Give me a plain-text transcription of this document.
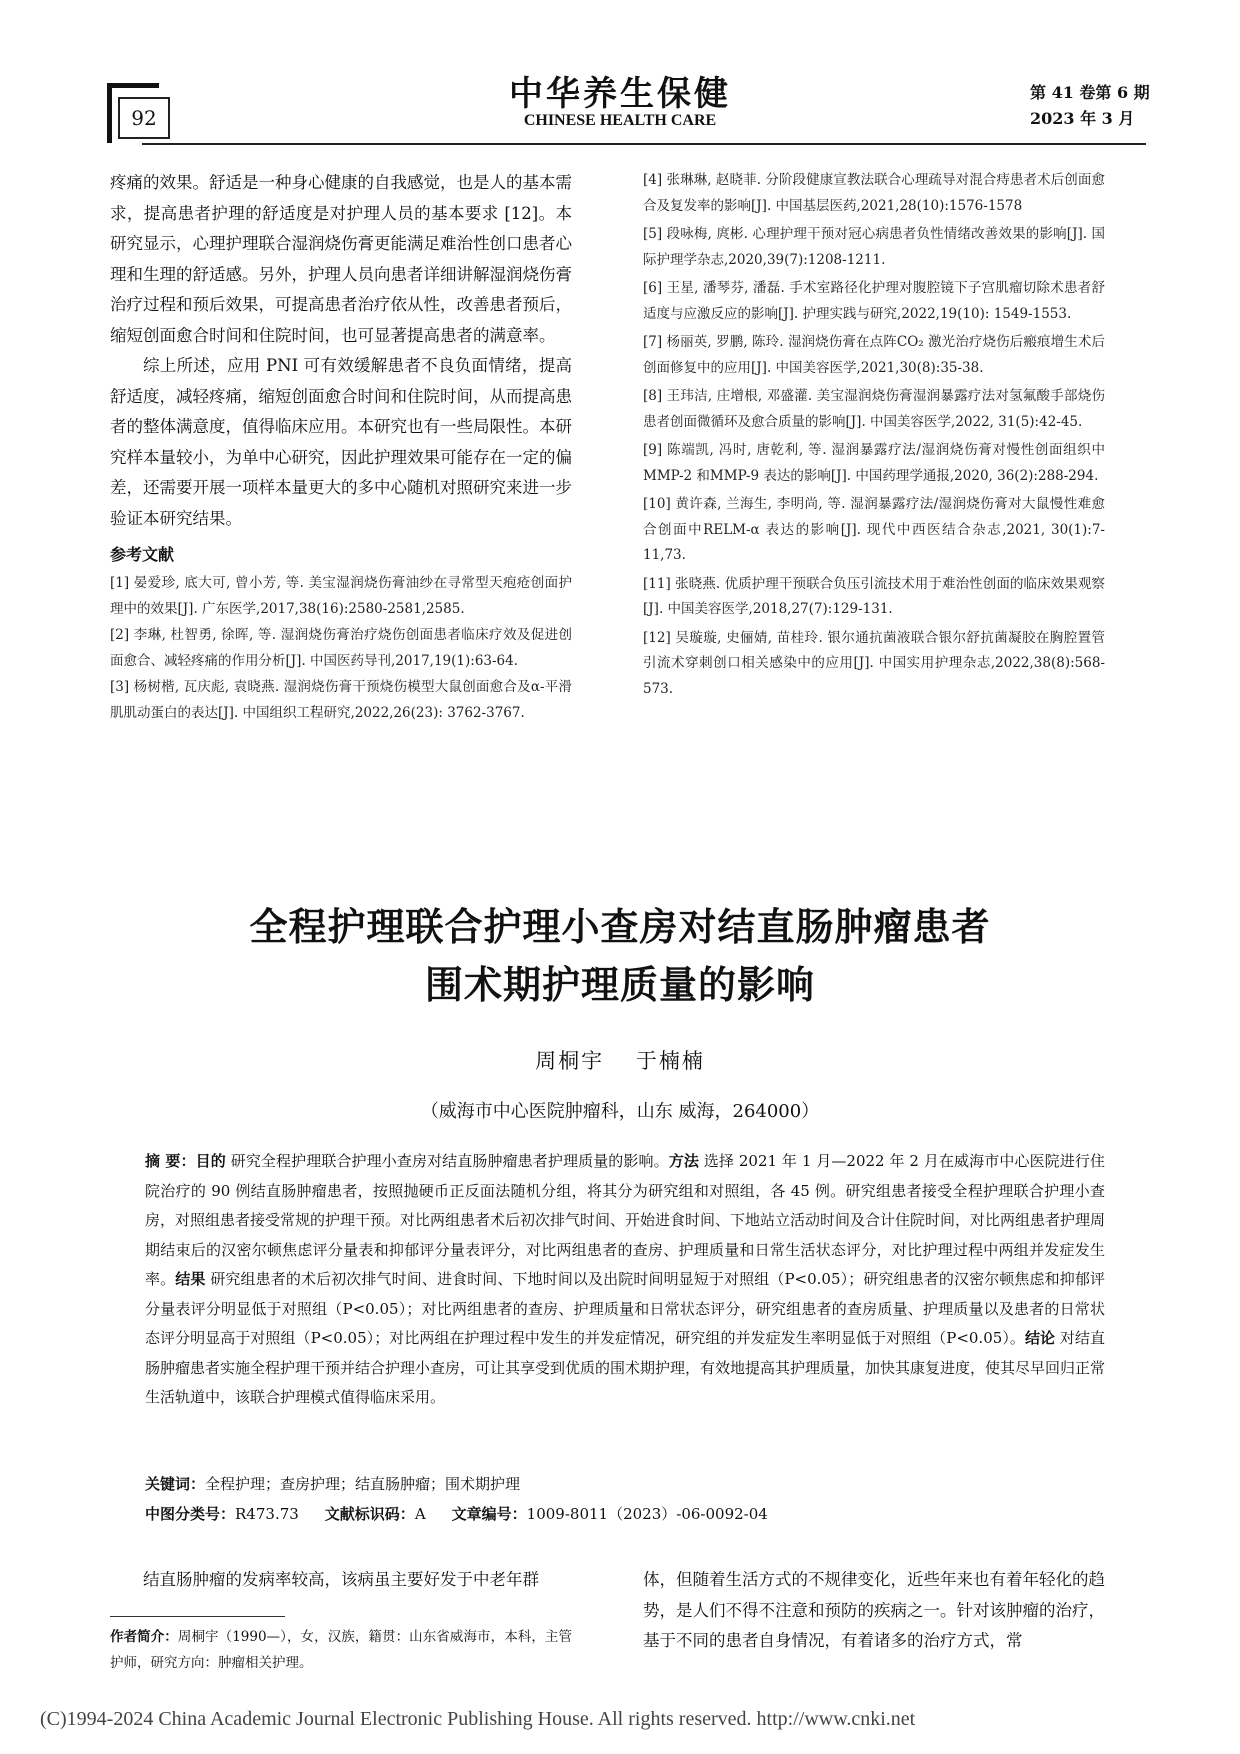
92
中华养生保健
CHINESE HEALTH CARE
第 41 卷第 6 期
2023 年 3 月

疼痛的效果。舒适是一种身心健康的自我感觉，也是人的基本需求，提高患者护理的舒适度是对护理人员的基本要求 [12]。本研究显示，心理护理联合湿润烧伤膏更能满足难治性创口患者心理和生理的舒适感。另外，护理人员向患者详细讲解湿润烧伤膏治疗过程和预后效果，可提高患者治疗依从性，改善患者预后，缩短创面愈合时间和住院时间，也可显著提高患者的满意率。

综上所述，应用 PNI 可有效缓解患者不良负面情绪，提高舒适度，减轻疼痛，缩短创面愈合时间和住院时间，从而提高患者的整体满意度，值得临床应用。本研究也有一些局限性。本研究样本量较小，为单中心研究，因此护理效果可能存在一定的偏差，还需要开展一项样本量更大的多中心随机对照研究来进一步验证本研究结果。

参考文献

[1] 晏爱珍, 底大可, 曾小芳, 等. 美宝湿润烧伤膏油纱在寻常型天疱疮创面护理中的效果[J]. 广东医学,2017,38(16):2580-2581,2585.

[2] 李琳, 杜智勇, 徐晖, 等. 湿润烧伤膏治疗烧伤创面患者临床疗效及促进创面愈合、减轻疼痛的作用分析[J]. 中国医药导刊,2017,19(1):63-64.

[3] 杨树楷, 瓦庆彪, 袁晓燕. 湿润烧伤膏干预烧伤模型大鼠创面愈合及α-平滑肌肌动蛋白的表达[J]. 中国组织工程研究,2022,26(23): 3762-3767.

[4] 张琳琳, 赵晓菲. 分阶段健康宣教法联合心理疏导对混合痔患者术后创面愈合及复发率的影响[J]. 中国基层医药,2021,28(10):1576-1578

[5] 段咏梅, 庹彬. 心理护理干预对冠心病患者负性情绪改善效果的影响[J]. 国际护理学杂志,2020,39(7):1208-1211.

[6] 王星, 潘琴芬, 潘磊. 手术室路径化护理对腹腔镜下子宫肌瘤切除术患者舒适度与应激反应的影响[J]. 护理实践与研究,2022,19(10): 1549-1553.

[7] 杨丽英, 罗鹏, 陈玲. 湿润烧伤膏在点阵CO₂ 激光治疗烧伤后瘢痕增生术后创面修复中的应用[J]. 中国美容医学,2021,30(8):35-38.

[8] 王玮洁, 庄增根, 邓盛灌. 美宝湿润烧伤膏湿润暴露疗法对氢氟酸手部烧伤患者创面微循环及愈合质量的影响[J]. 中国美容医学,2022, 31(5):42-45.

[9] 陈端凯, 冯时, 唐乾利, 等. 湿润暴露疗法/湿润烧伤膏对慢性创面组织中MMP-2 和MMP-9 表达的影响[J]. 中国药理学通报,2020, 36(2):288-294.

[10] 黄许森, 兰海生, 李明尚, 等. 湿润暴露疗法/湿润烧伤膏对大鼠慢性难愈合创面中RELM-α 表达的影响[J]. 现代中西医结合杂志,2021, 30(1):7-11,73.

[11] 张晓燕. 优质护理干预联合负压引流技术用于难治性创面的临床效果观察[J]. 中国美容医学,2018,27(7):129-131.

[12] 吴璇璇, 史俪婧, 苗桂玲. 银尔通抗菌液联合银尔舒抗菌凝胶在胸腔置管引流术穿刺创口相关感染中的应用[J]. 中国实用护理杂志,2022,38(8):568-573.

全程护理联合护理小查房对结直肠肿瘤患者
围术期护理质量的影响
周桐宇　 于楠楠
（威海市中心医院肿瘤科，山东 威海，264000）

摘 要：目的 研究全程护理联合护理小查房对结直肠肿瘤患者护理质量的影响。方法 选择 2021 年 1 月—2022 年 2 月在威海市中心医院进行住院治疗的 90 例结直肠肿瘤患者，按照抛硬币正反面法随机分组，将其分为研究组和对照组，各 45 例。研究组患者接受全程护理联合护理小查房，对照组患者接受常规的护理干预。对比两组患者术后初次排气时间、开始进食时间、下地站立活动时间及合计住院时间，对比两组患者护理周期结束后的汉密尔顿焦虑评分量表和抑郁评分量表评分，对比两组患者的查房、护理质量和日常生活状态评分，对比护理过程中两组并发症发生率。结果 研究组患者的术后初次排气时间、进食时间、下地时间以及出院时间明显短于对照组（P<0.05）；研究组患者的汉密尔顿焦虑和抑郁评分量表评分明显低于对照组（P<0.05）；对比两组患者的查房、护理质量和日常状态评分，研究组患者的查房质量、护理质量以及患者的日常状态评分明显高于对照组（P<0.05）；对比两组在护理过程中发生的并发症情况，研究组的并发症发生率明显低于对照组（P<0.05）。结论 对结直肠肿瘤患者实施全程护理干预并结合护理小查房，可让其享受到优质的围术期护理，有效地提高其护理质量，加快其康复进度，使其尽早回归正常生活轨道中，该联合护理模式值得临床采用。

关键词：全程护理；查房护理；结直肠肿瘤；围术期护理
中图分类号：R473.73 文献标识码：A 文章编号：1009-8011（2023）-06-0092-04

结直肠肿瘤的发病率较高，该病虽主要好发于中老年群	体，但随着生活方式的不规律变化，近些年来也有着年轻化的趋势，是人们不得不注意和预防的疾病之一。针对该肿瘤的治疗，基于不同的患者自身情况，有着诸多的治疗方式，常

作者简介：周桐宇（1990—），女，汉族，籍贯：山东省威海市，本科，主管护师，研究方向：肿瘤相关护理。

(C)1994-2024 China Academic Journal Electronic Publishing House. All rights reserved. http://www.cnki.net
